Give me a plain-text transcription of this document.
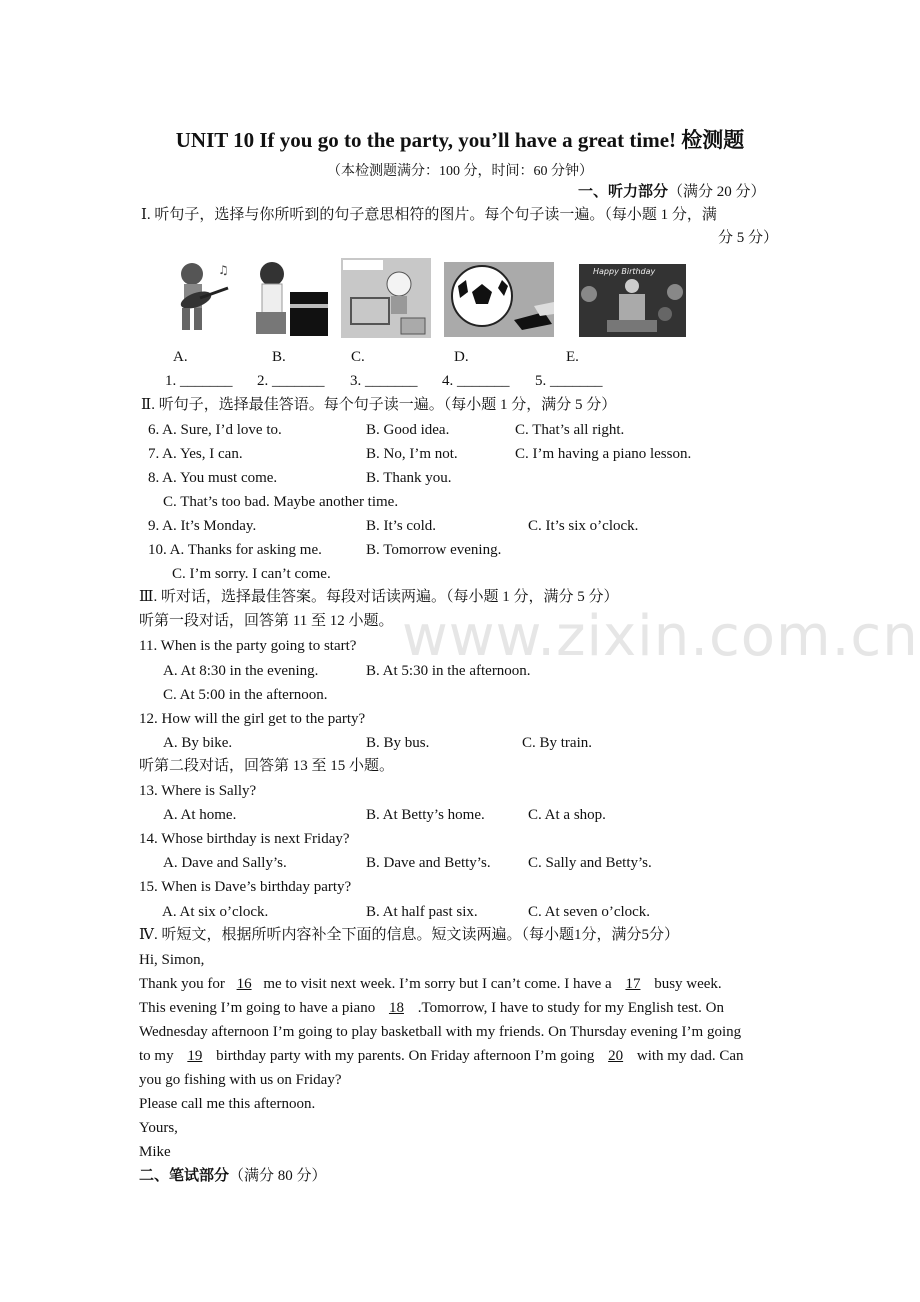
UNIT 10 If you go to the party, you’ll have a great time! 检测题
（本检测题满分：100 分，时间：60 分钟）
一、听力部分（满分 20 分）
Ⅰ. 听句子，选择与你所听到的句子意思相符的图片。每个句子读一遍。（每小题 1 分，满
分 5 分）
♫	Happy Birthday
A.	B.	C.	D.	E.
1. _______ 2. _______ 3. _______ 4. _______ 5. _______
Ⅱ. 听句子，选择最佳答语。每个句子读一遍。（每小题 1 分，满分 5 分）
6. A. Sure, I’d love to.	B. Good idea.	C. That’s all right.
7. A. Yes, I can.	B. No, I’m not.	C. I’m having a piano lesson.
8. A. You must come.	B. Thank you.
C. That’s too bad. Maybe another time.
9. A. It’s Monday.	B. It’s cold.	C. It’s six o’clock.
10. A. Thanks for asking me.	B. Tomorrow evening.
C. I’m sorry. I can’t come.
Ⅲ. 听对话，选择最佳答案。每段对话读两遍。（每小题 1 分，满分 5 分）
听第一段对话，回答第 11 至 12 小题。 www.zixin.com.cn
11. When is the party going to start?
A. At 8:30 in the evening.	B. At 5:30 in the afternoon.
C. At 5:00 in the afternoon.
12. How will the girl get to the party?
A. By bike.	B. By bus.	C. By train.
听第二段对话，回答第 13 至 15 小题。
13. Where is Sally?
A. At home.	B. At Betty’s home.	C. At a shop.
14. Whose birthday is next Friday?
A. Dave and Sally’s.	B. Dave and Betty’s. C. Sally and Betty’s.
15. When is Dave’s birthday party?
A. At six o’clock.	B. At half past six.	C. At seven o’clock.
Ⅳ. 听短文，根据所听内容补全下面的信息。短文读两遍。（每小题1分，满分5分）
Hi, Simon,
Thank you for 16 me to visit next week. I’m sorry but I can’t come. I have a 17 busy week.
This evening I’m going to have a piano 18 .Tomorrow, I have to study for my English test. On
Wednesday afternoon I’m going to play basketball with my friends. On Thursday evening I’m going
to my 19 birthday party with my parents. On Friday afternoon I’m going 20 with my dad. Can
you go fishing with us on Friday?
Please call me this afternoon.
Yours,
Mike
二、笔试部分（满分 80 分）
